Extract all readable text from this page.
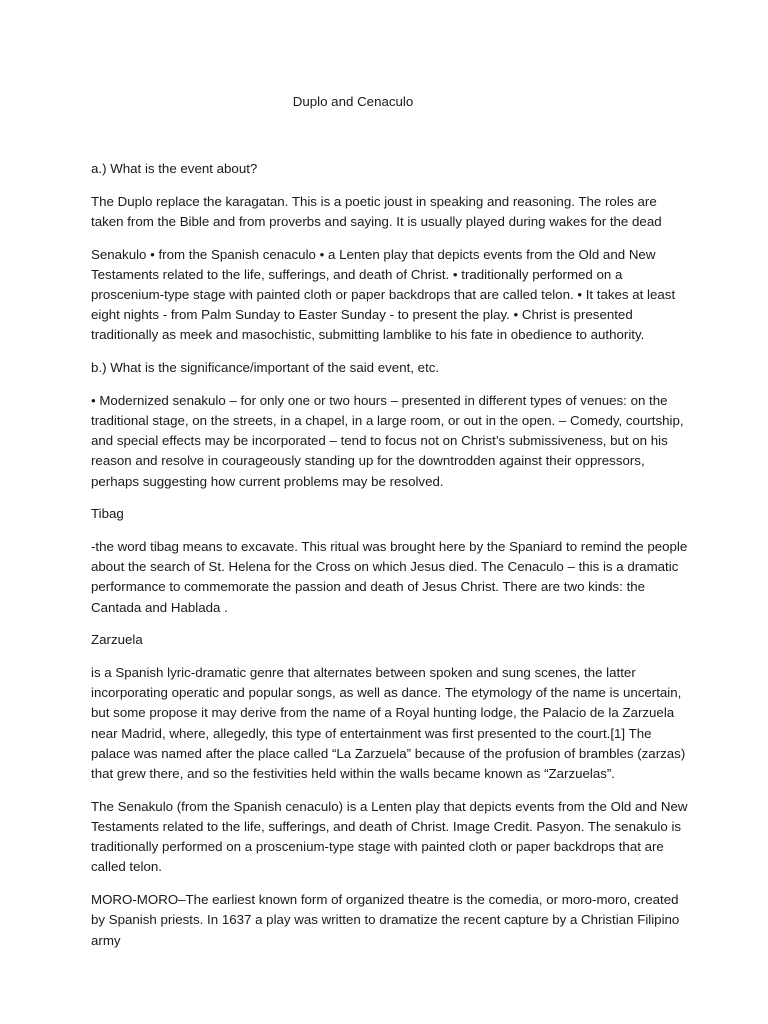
Duplo and Cenaculo

a.) What is the event about?

The Duplo replace the karagatan. This is a poetic joust in speaking and reasoning. The roles are taken from the Bible and from proverbs and saying. It is usually played during wakes for the dead

Senakulo • from the Spanish cenaculo • a Lenten play that depicts events from the Old and New Testaments related to the life, sufferings, and death of Christ. • traditionally performed on a proscenium-type stage with painted cloth or paper backdrops that are called telon. • It takes at least eight nights - from Palm Sunday to Easter Sunday - to present the play. • Christ is presented traditionally as meek and masochistic, submitting lamblike to his fate in obedience to authority.

b.) What is the significance/important of the said event, etc.

• Modernized senakulo – for only one or two hours – presented in different types of venues: on the traditional stage, on the streets, in a chapel, in a large room, or out in the open. – Comedy, courtship, and special effects may be incorporated – tend to focus not on Christ’s submissiveness, but on his reason and resolve in courageously standing up for the downtrodden against their oppressors, perhaps suggesting how current problems may be resolved.

Tibag

-the word tibag means to excavate. This ritual was brought here by the Spaniard to remind the people about the search of St. Helena for the Cross on which Jesus died. The Cenaculo – this is a dramatic performance to commemorate the passion and death of Jesus Christ. There are two kinds: the Cantada and Hablada .

Zarzuela

is a Spanish lyric-dramatic genre that alternates between spoken and sung scenes, the latter incorporating operatic and popular songs, as well as dance. The etymology of the name is uncertain, but some propose it may derive from the name of a Royal hunting lodge, the Palacio de la Zarzuela near Madrid, where, allegedly, this type of entertainment was first presented to the court.[1] The palace was named after the place called “La Zarzuela” because of the profusion of brambles (zarzas) that grew there, and so the festivities held within the walls became known as “Zarzuelas”.

The Senakulo (from the Spanish cenaculo) is a Lenten play that depicts events from the Old and New Testaments related to the life, sufferings, and death of Christ. Image Credit. Pasyon. The senakulo is traditionally performed on a proscenium-type stage with painted cloth or paper backdrops that are called telon.

MORO-MORO–The earliest known form of organized theatre is the comedia, or moro-moro, created by Spanish priests. In 1637 a play was written to dramatize the recent capture by a Christian Filipino army
